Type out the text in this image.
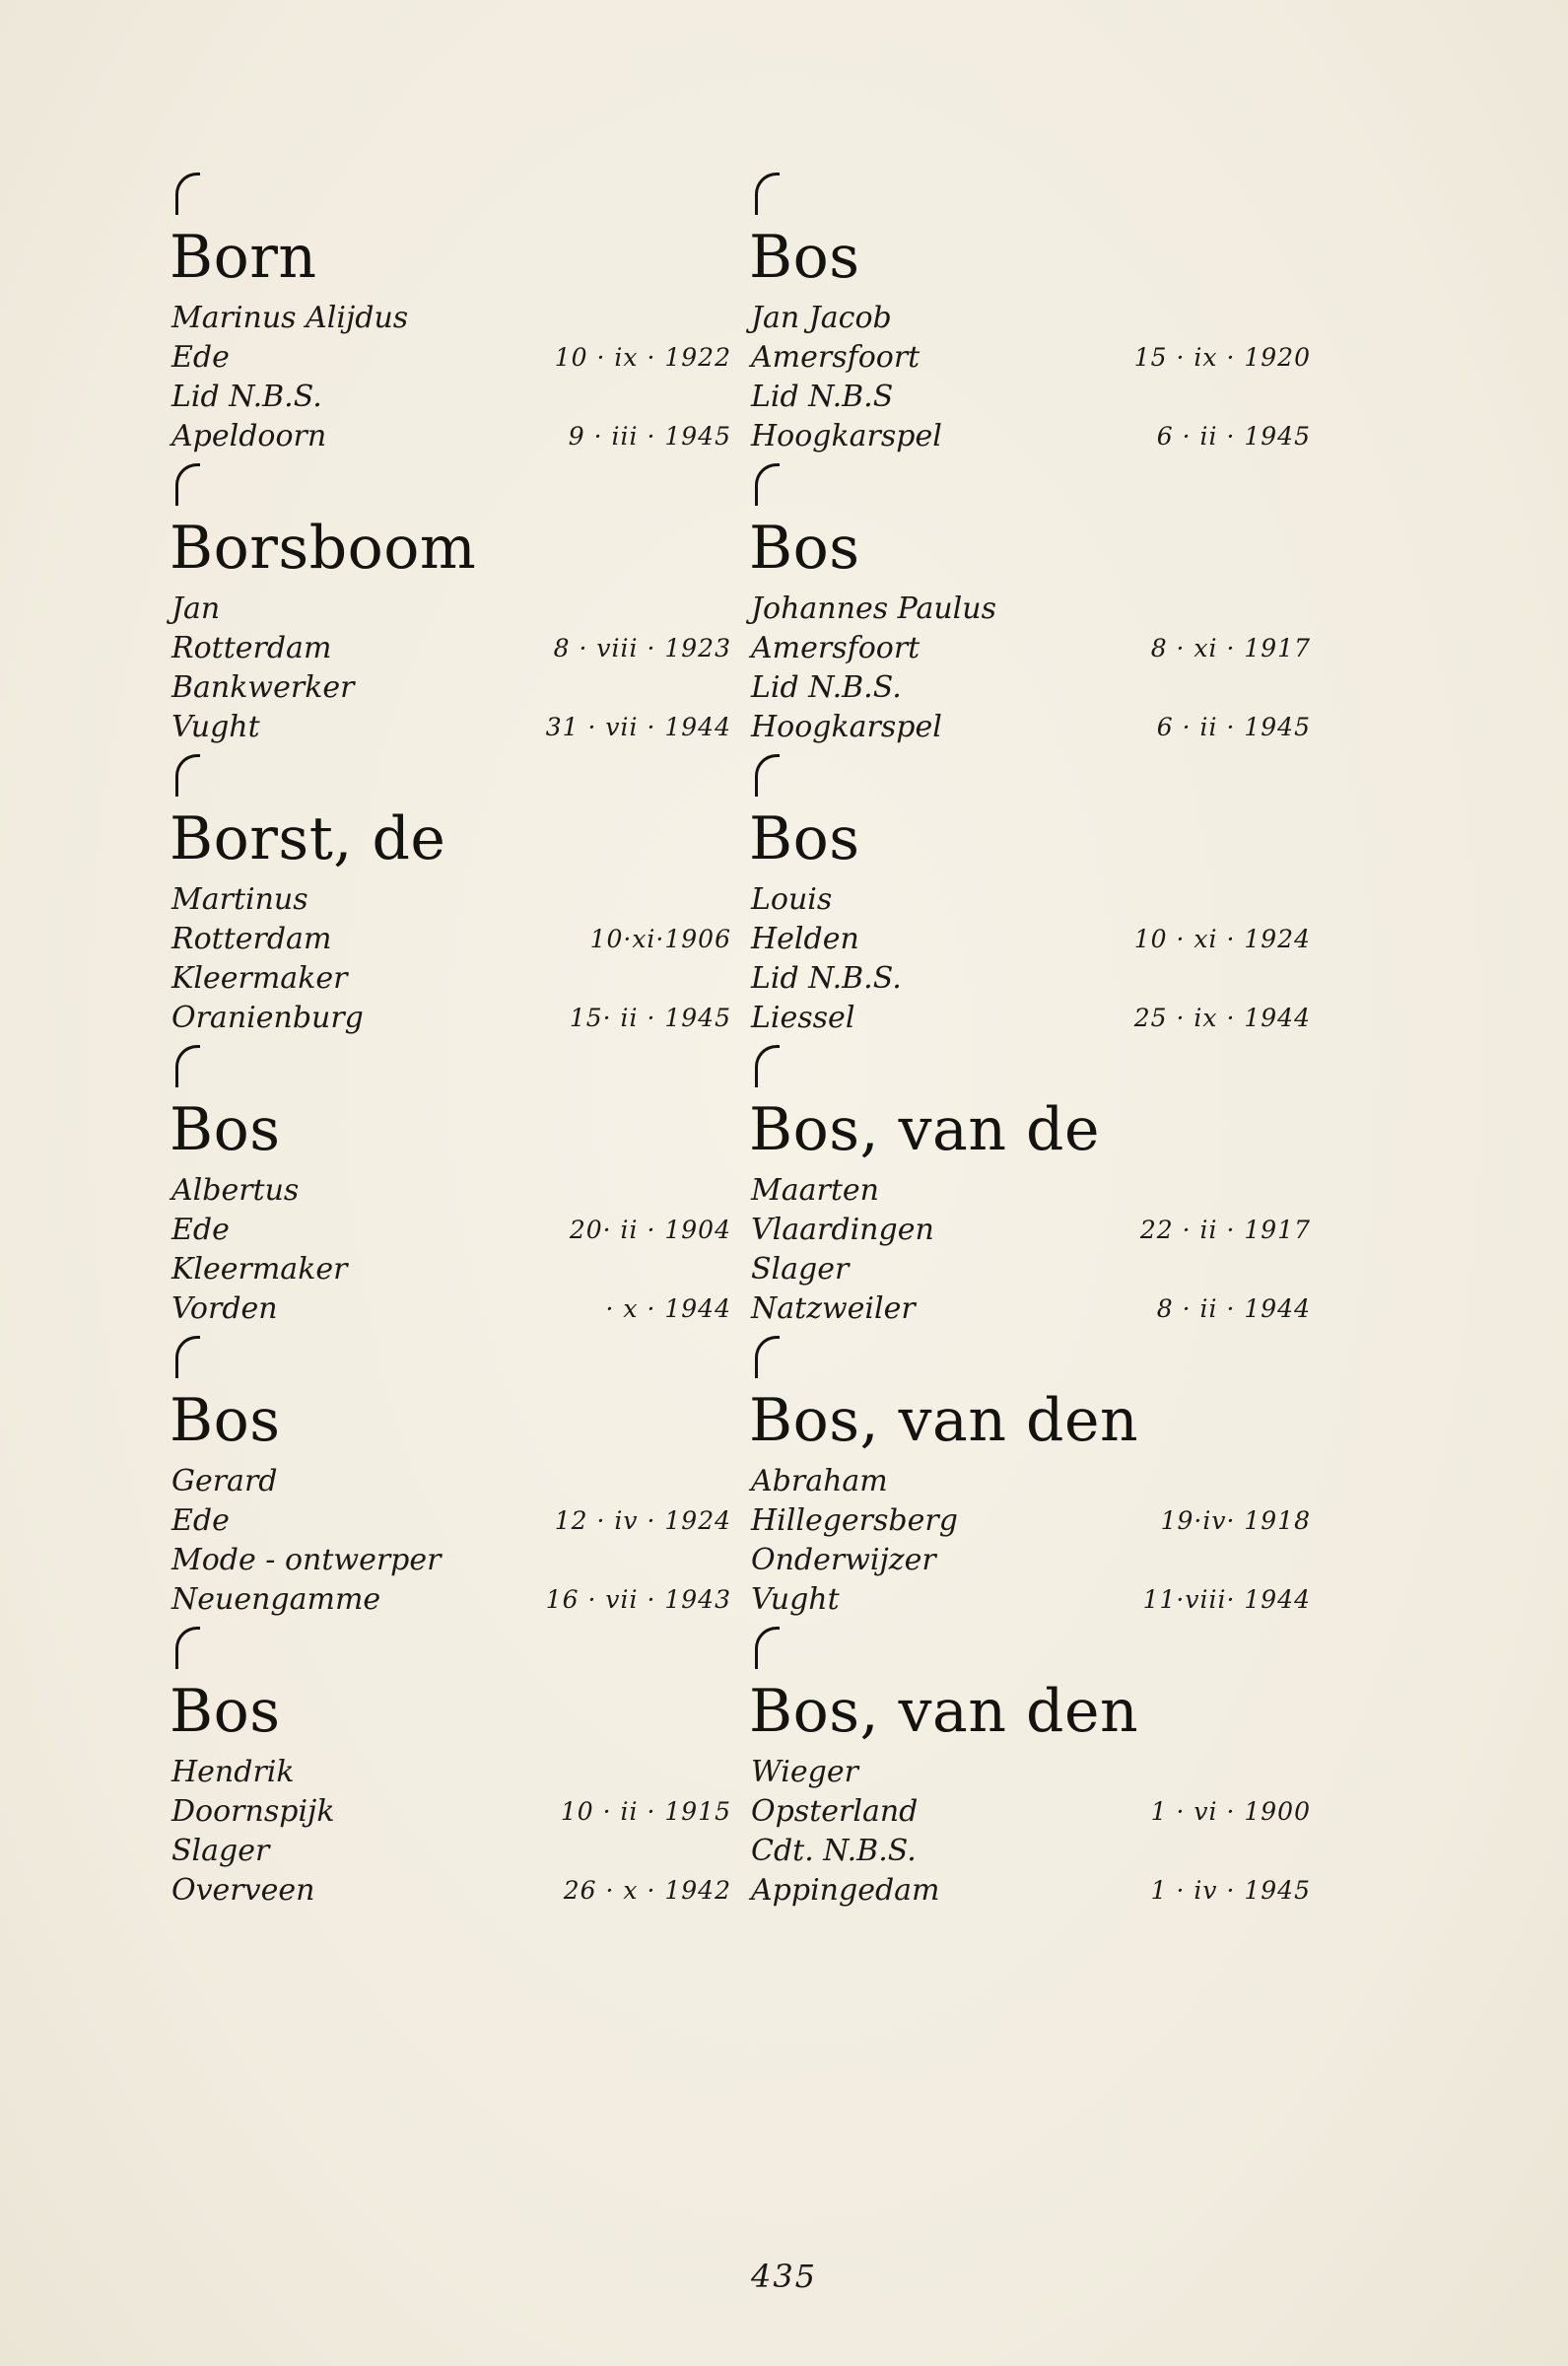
Born
Marinus Alijdus
Ede	10 · ix · 1922
Lid N.B.S.
Apeldoorn	9 · iii · 1945
Borsboom
Jan
Rotterdam	8 · viii · 1923
Bankwerker
Vught	31 · vii · 1944
Borst, de
Martinus
Rotterdam	10·xi·1906
Kleermaker
Oranienburg	15· ii · 1945
Bos
Albertus
Ede	20· ii · 1904
Kleermaker
Vorden	· x · 1944
Bos
Gerard
Ede	12 · iv · 1924
Mode - ontwerper
Neuengamme	16 · vii · 1943
Bos
Hendrik
Doornspijk	10 · ii · 1915
Slager
Overveen	26 · x · 1942
Bos
Jan Jacob
Amersfoort	15 · ix · 1920
Lid N.B.S
Hoogkarspel	6 · ii · 1945
Bos
Johannes Paulus
Amersfoort	8 · xi · 1917
Lid N.B.S.
Hoogkarspel	6 · ii · 1945
Bos
Louis
Helden	10 · xi · 1924
Lid N.B.S.
Liessel	25 · ix · 1944
Bos, van de
Maarten
Vlaardingen	22 · ii · 1917
Slager
Natzweiler	8 · ii · 1944
Bos, van den
Abraham
Hillegersberg	19·iv· 1918
Onderwijzer
Vught	11·viii· 1944
Bos, van den
Wieger
Opsterland	1 · vi · 1900
Cdt. N.B.S.
Appingedam	1 · iv · 1945
435
